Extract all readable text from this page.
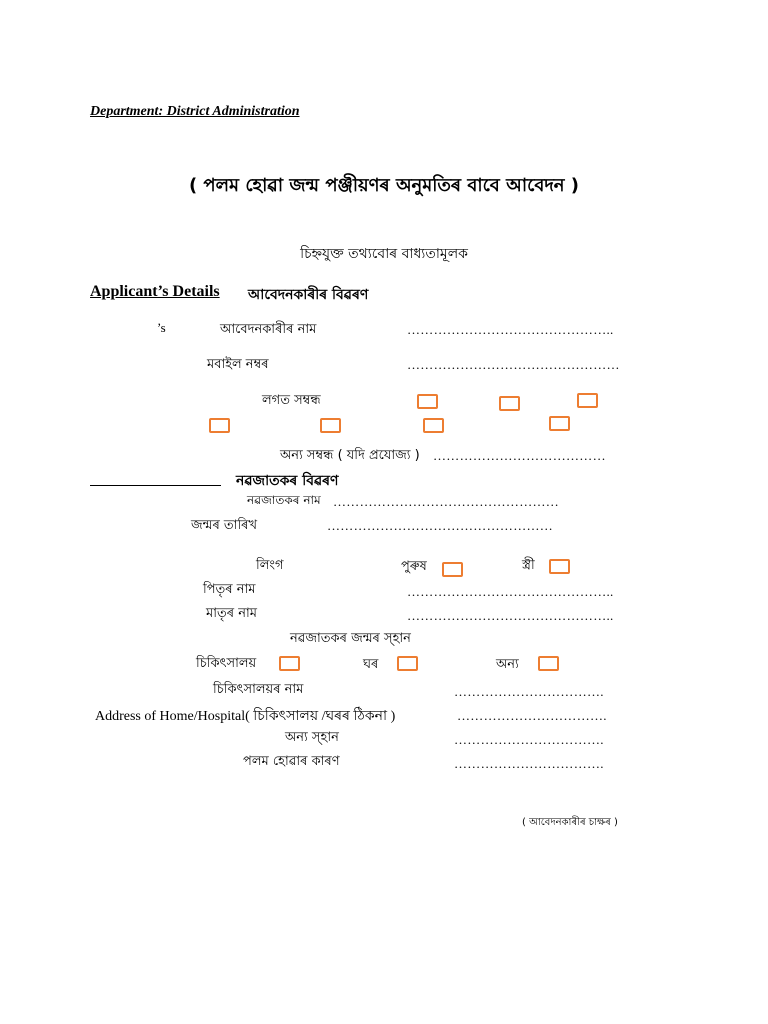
Department: District Administration
( পলম হোৱা জন্ম পঞ্জীয়ণৰ অনুমতিৰ বাবে আবেদন )
চিহ্নযুক্ত তথ্যবোৰ বাধ্যতামূলক
Applicant’s Details আবেদনকাৰীৰ বিৱৰণ
’s	আবেদনকাৰীৰ নাম	………………………………………..
মবাইল নম্বৰ	…………………………………………
লগত সম্বন্ধ
অন্য সম্বন্ধ ( যদি প্ৰযোজ্য ) …………………………………
নৱজাতকৰ বিৱৰণ
নৱজাতকৰ নাম ……………………………………………
জন্মৰ তাৰিখ	……………………………………………
লিংগ	পুৰুষ	স্ত্ৰী
পিতৃৰ নাম	………………………………………..
মাতৃৰ নাম	………………………………………..
নৱজাতকৰ জন্মৰ স্হান
চিকিৎসালয়	ঘৰ	অন্য
চিকিৎসালয়ৰ নাম	…………………………….
Address of Home/Hospital( চিকিৎসালয় /ঘৰৰ ঠিকনা )	…………………………….
অন্য স্হান	…………………………….
পলম হোৱাৰ কাৰণ	…………………………….
( আবেদনকাৰীৰ চাক্ষৰ )
